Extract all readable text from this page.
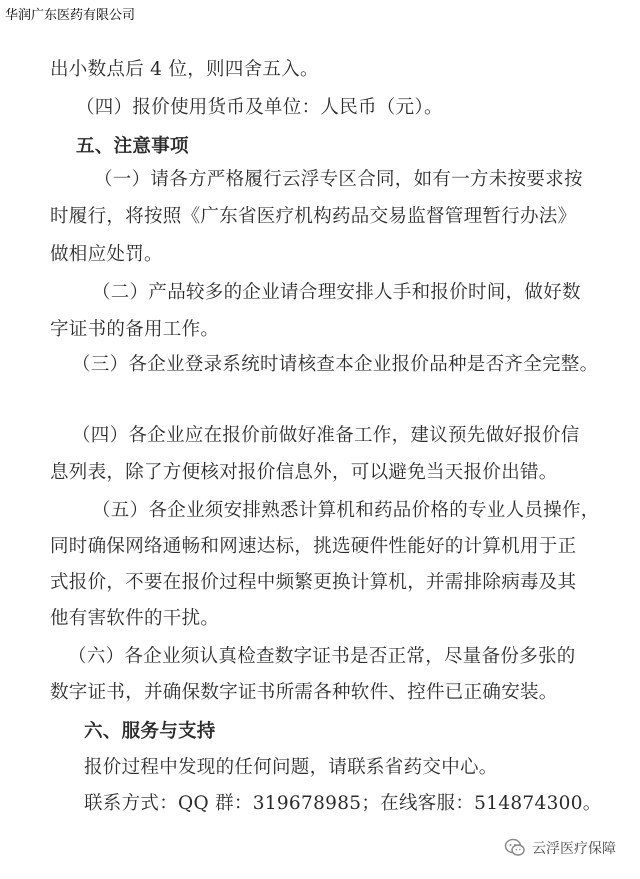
华润广东医药有限公司
出小数点后 4 位，则四舍五入。
（四）报价使用货币及单位：人民币（元）。
五、注意事项
（一）请各方严格履行云浮专区合同，如有一方未按要求按
时履行，将按照《广东省医疗机构药品交易监督管理暂行办法》
做相应处罚。
（二）产品较多的企业请合理安排人手和报价时间，做好数
字证书的备用工作。
（三）各企业登录系统时请核查本企业报价品种是否齐全完整。
（四）各企业应在报价前做好准备工作，建议预先做好报价信
息列表，除了方便核对报价信息外，可以避免当天报价出错。
（五）各企业须安排熟悉计算机和药品价格的专业人员操作，
同时确保网络通畅和网速达标，挑选硬件性能好的计算机用于正
式报价，不要在报价过程中频繁更换计算机，并需排除病毒及其
他有害软件的干扰。
（六）各企业须认真检查数字证书是否正常，尽量备份多张的
数字证书，并确保数字证书所需各种软件、控件已正确安装。
六、服务与支持
报价过程中发现的任何问题，请联系省药交中心。
联系方式：QQ 群：319678985；在线客服：514874300。
云浮医疗保障
